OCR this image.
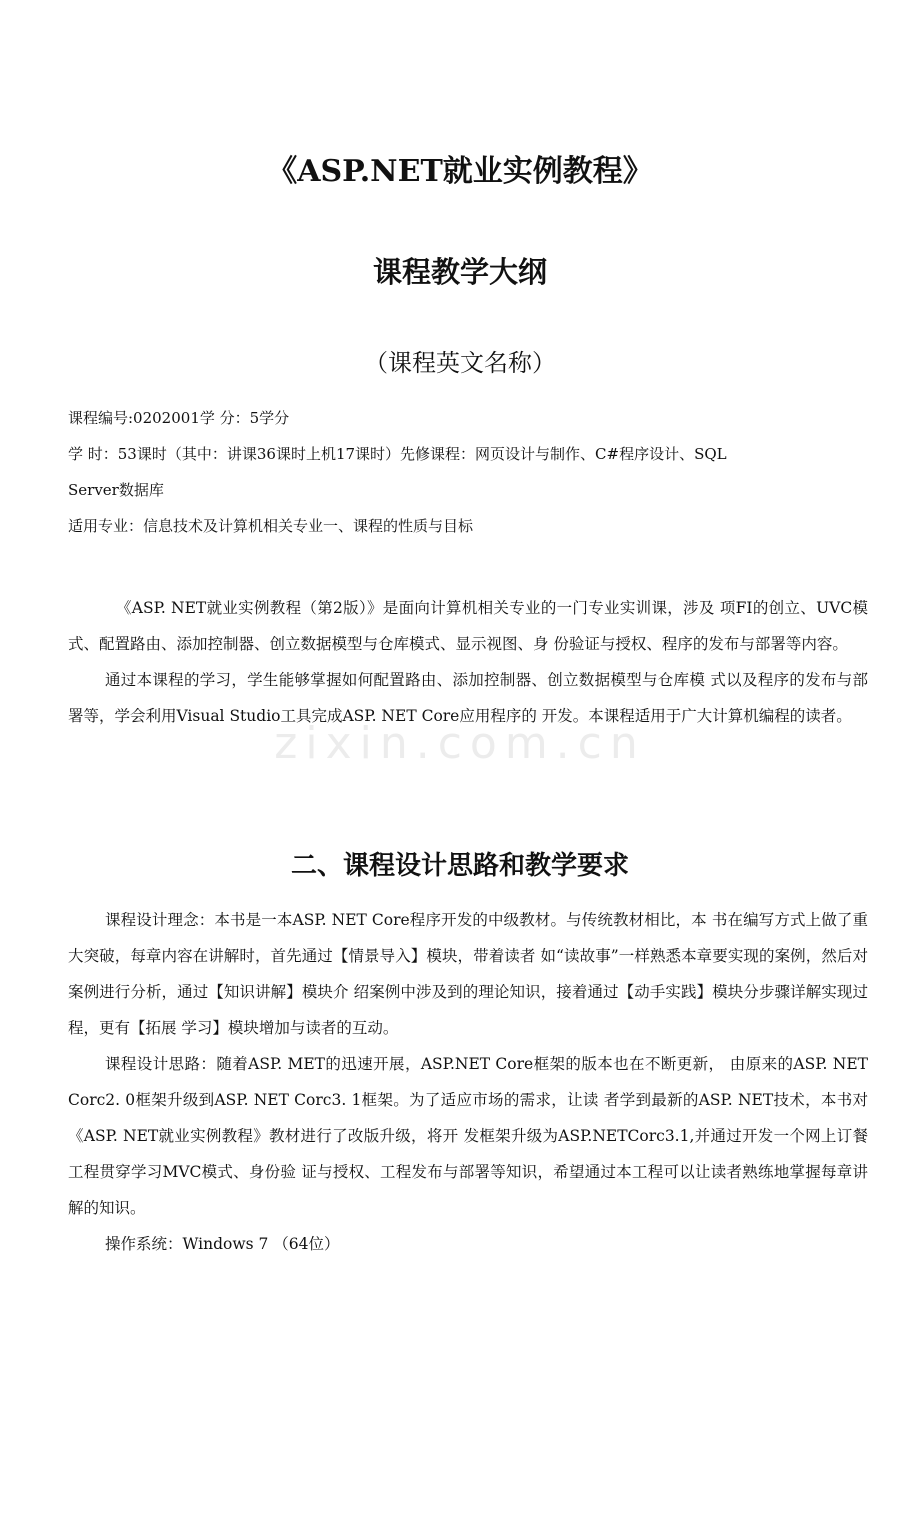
《ASP.NET就业实例教程》
课程教学大纲
（课程英文名称）

课程编号:0202001学 分：5学分

学 时：53课时（其中：讲课36课时上机17课时）先修课程：网页设计与制作、C#程序设计、SQL

Server数据库

适用专业：信息技术及计算机相关专业一、课程的性质与目标

《ASP. NET就业实例教程（第2版）》是面向计算机相关专业的一门专业实训课，涉及 项FI的创立、UVC模式、配置路由、添加控制器、创立数据模型与仓库模式、显示视图、身 份验证与授权、程序的发布与部署等内容。

通过本课程的学习，学生能够掌握如何配置路由、添加控制器、创立数据模型与仓库模 式以及程序的发布与部署等，学会利用Visual Studio工具完成ASP. NET Core应用程序的 开发。本课程适用于广大计算机编程的读者。

zixin.com.cn
二、课程设计思路和教学要求

课程设计理念：本书是一本ASP. NET Core程序开发的中级教材。与传统教材相比，本 书在编写方式上做了重大突破，每章内容在讲解时，首先通过【情景导入】模块，带着读者 如“读故事”一样熟悉本章要实现的案例，然后对案例进行分析，通过【知识讲解】模块介 绍案例中涉及到的理论知识，接着通过【动手实践】模块分步骤详解实现过程，更有【拓展 学习】模块增加与读者的互动。

课程设计思路：随着ASP. MET的迅速开展，ASP.NET Core框架的版本也在不断更新， 由原来的ASP. NET Corc2. 0框架升级到ASP. NET Corc3. 1框架。为了适应市场的需求，让读 者学到最新的ASP. NET技术，本书对《ASP. NET就业实例教程》教材进行了改版升级，将开 发框架升级为ASP.NETCorc3.1,并通过开发一个网上订餐工程贯穿学习MVC模式、身份验 证与授权、工程发布与部署等知识，希望通过本工程可以让读者熟练地掌握每章讲解的知识。

操作系统：Windows 7 （64位）
